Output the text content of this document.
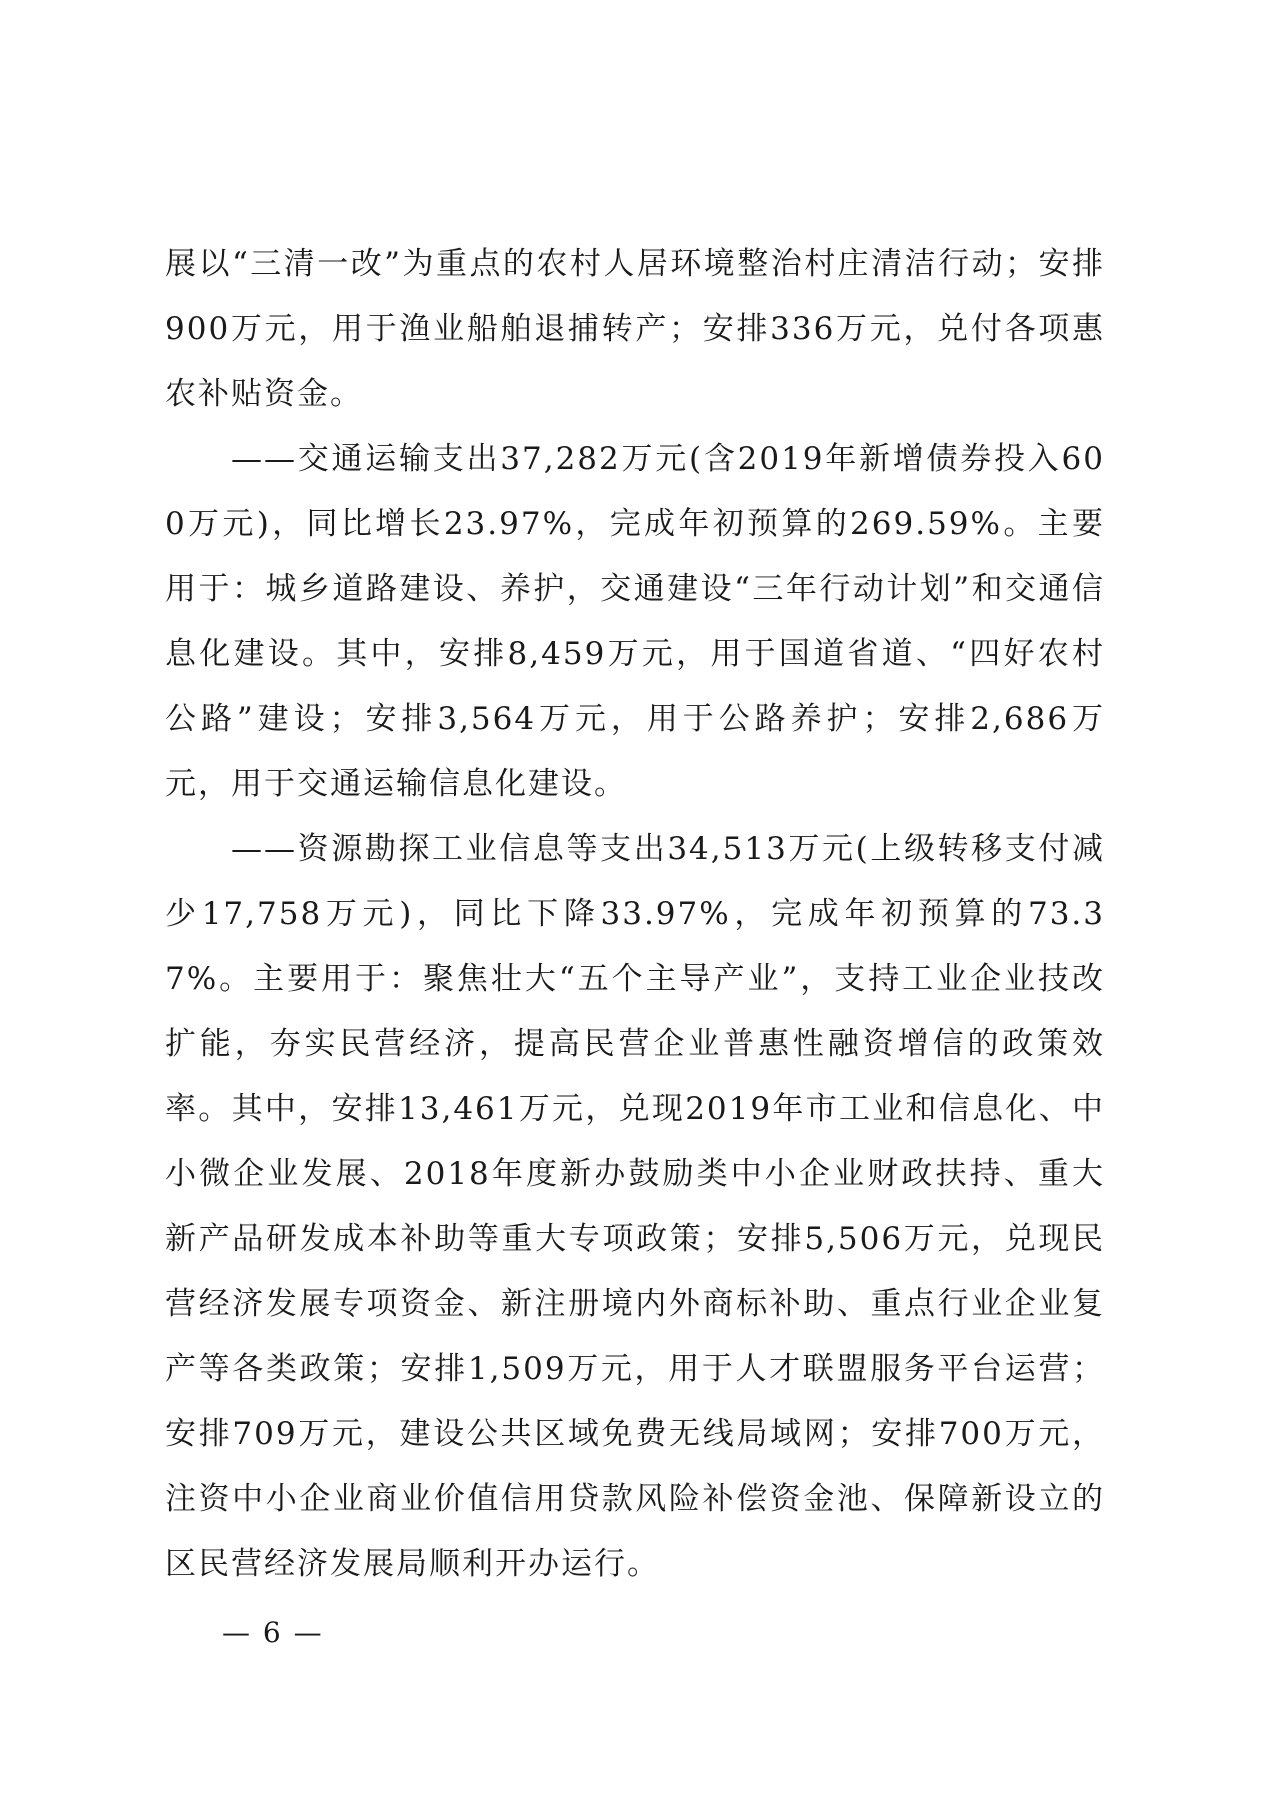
展以“三清一改”为重点的农村人居环境整治村庄清洁行动；安排900万元，用于渔业船舶退捕转产；安排336万元，兑付各项惠农补贴资金。

——交通运输支出37,282万元(含2019年新增债券投入600万元)，同比增长23.97%，完成年初预算的269.59%。主要用于：城乡道路建设、养护，交通建设“三年行动计划”和交通信息化建设。其中，安排8,459万元，用于国道省道、“四好农村公路”建设；安排3,564万元，用于公路养护；安排2,686万元，用于交通运输信息化建设。

——资源勘探工业信息等支出34,513万元(上级转移支付减少17,758万元)，同比下降33.97%，完成年初预算的73.37%。主要用于：聚焦壮大“五个主导产业”，支持工业企业技改扩能，夯实民营经济，提高民营企业普惠性融资增信的政策效率。其中，安排13,461万元，兑现2019年市工业和信息化、中小微企业发展、2018年度新办鼓励类中小企业财政扶持、重大新产品研发成本补助等重大专项政策；安排5,506万元，兑现民营经济发展专项资金、新注册境内外商标补助、重点行业企业复产等各类政策；安排1,509万元，用于人才联盟服务平台运营；安排709万元，建设公共区域免费无线局域网；安排700万元，注资中小企业商业价值信用贷款风险补偿资金池、保障新设立的区民营经济发展局顺利开办运行。

— 6 —
